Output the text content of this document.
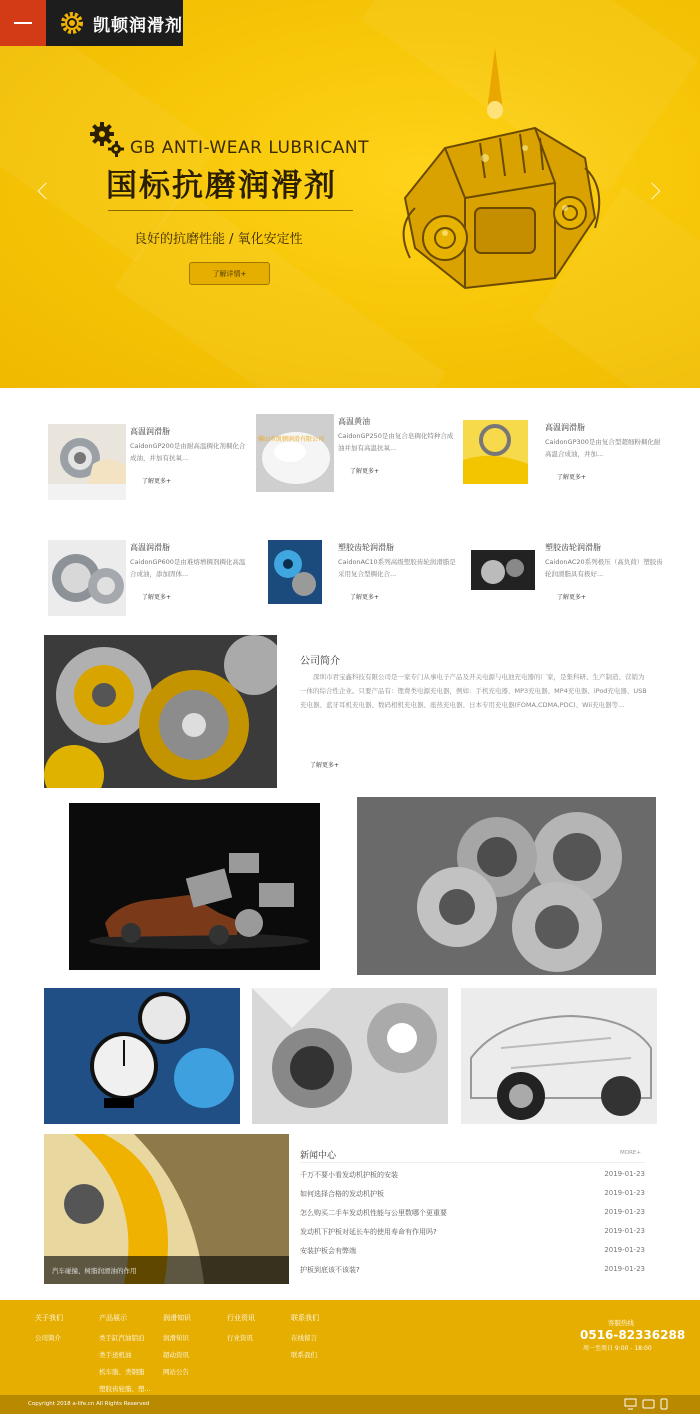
凯顿润滑剂
GB ANTI-WEAR LUBRICANT
国标抗磨润滑剂
良好的抗磨性能 / 氧化安定性
了解详情+
高温润滑脂
CaidonGP200是由耐高温稠化剂稠化合成油，并加有抗氧...
了解更多+
佛山市凯顿润滑有限公司
高温黄油
CaidonGP250是由复合皂稠化特种合成油并加有高温抗氧...
了解更多+
高温润滑脂
CaidonGP300是由复合型超细粉稠化耐高温合成油，并加...
了解更多+
高温润滑脂
CaidonGP600是由难熔增稠剂稠化高温合成油，添加固体...
了解更多+
塑胶齿轮润滑脂
CaidonAC10系列高级塑胶齿轮润滑脂是采用复合型稠化合...
了解更多+
塑胶齿轮润滑脂
CaidonAC20系列极压（高负荷）塑胶齿轮润滑脂具有极好...
了解更多+
公司简介
深圳市君宝鑫科技有限公司是一家专门从事电子产品及开关电源与电池充电器的厂家，是集科研、生产制造、营销为一体的综合性企业。只要产品有：锂费类电源充电器，例如：手机充电器、MP3充电器、MP4充电器、iPod充电器、USB充电器、蓝牙耳机充电器、数码相机充电器、座热充电器、日本专用充电器(FOMA,CDMA,PDC)、Wii充电器等...
了解更多+
汽车碰撞、树脂润滑油的作用
新闻中心	MORE+
千万不要小看发动机护板的安装	2019-01-23
如何选择合格的发动机护板	2019-01-23
怎么购买二手车发动机性能与公里数哪个更重要	2019-01-23
发动机下护板对延长车的使用寿命有作用吗?	2019-01-23
安装护板会有弊端	2019-01-23
护板到底该不该装?	2019-01-23
关于我们
公司简介
产品展示
类手缸汽油铝泊
类手送机油
机车脂、类钢脂
塑胶齿轮脂、塑...
润滑知识
润滑知识
超动资讯
网站公告
行业资讯
行业资讯
联系我们
在线留言
联系我们
客服热线
0516-82336288
周一至周日 9:00 - 18:00
Copyright 2018 a-life.cn All Rights Reserved
